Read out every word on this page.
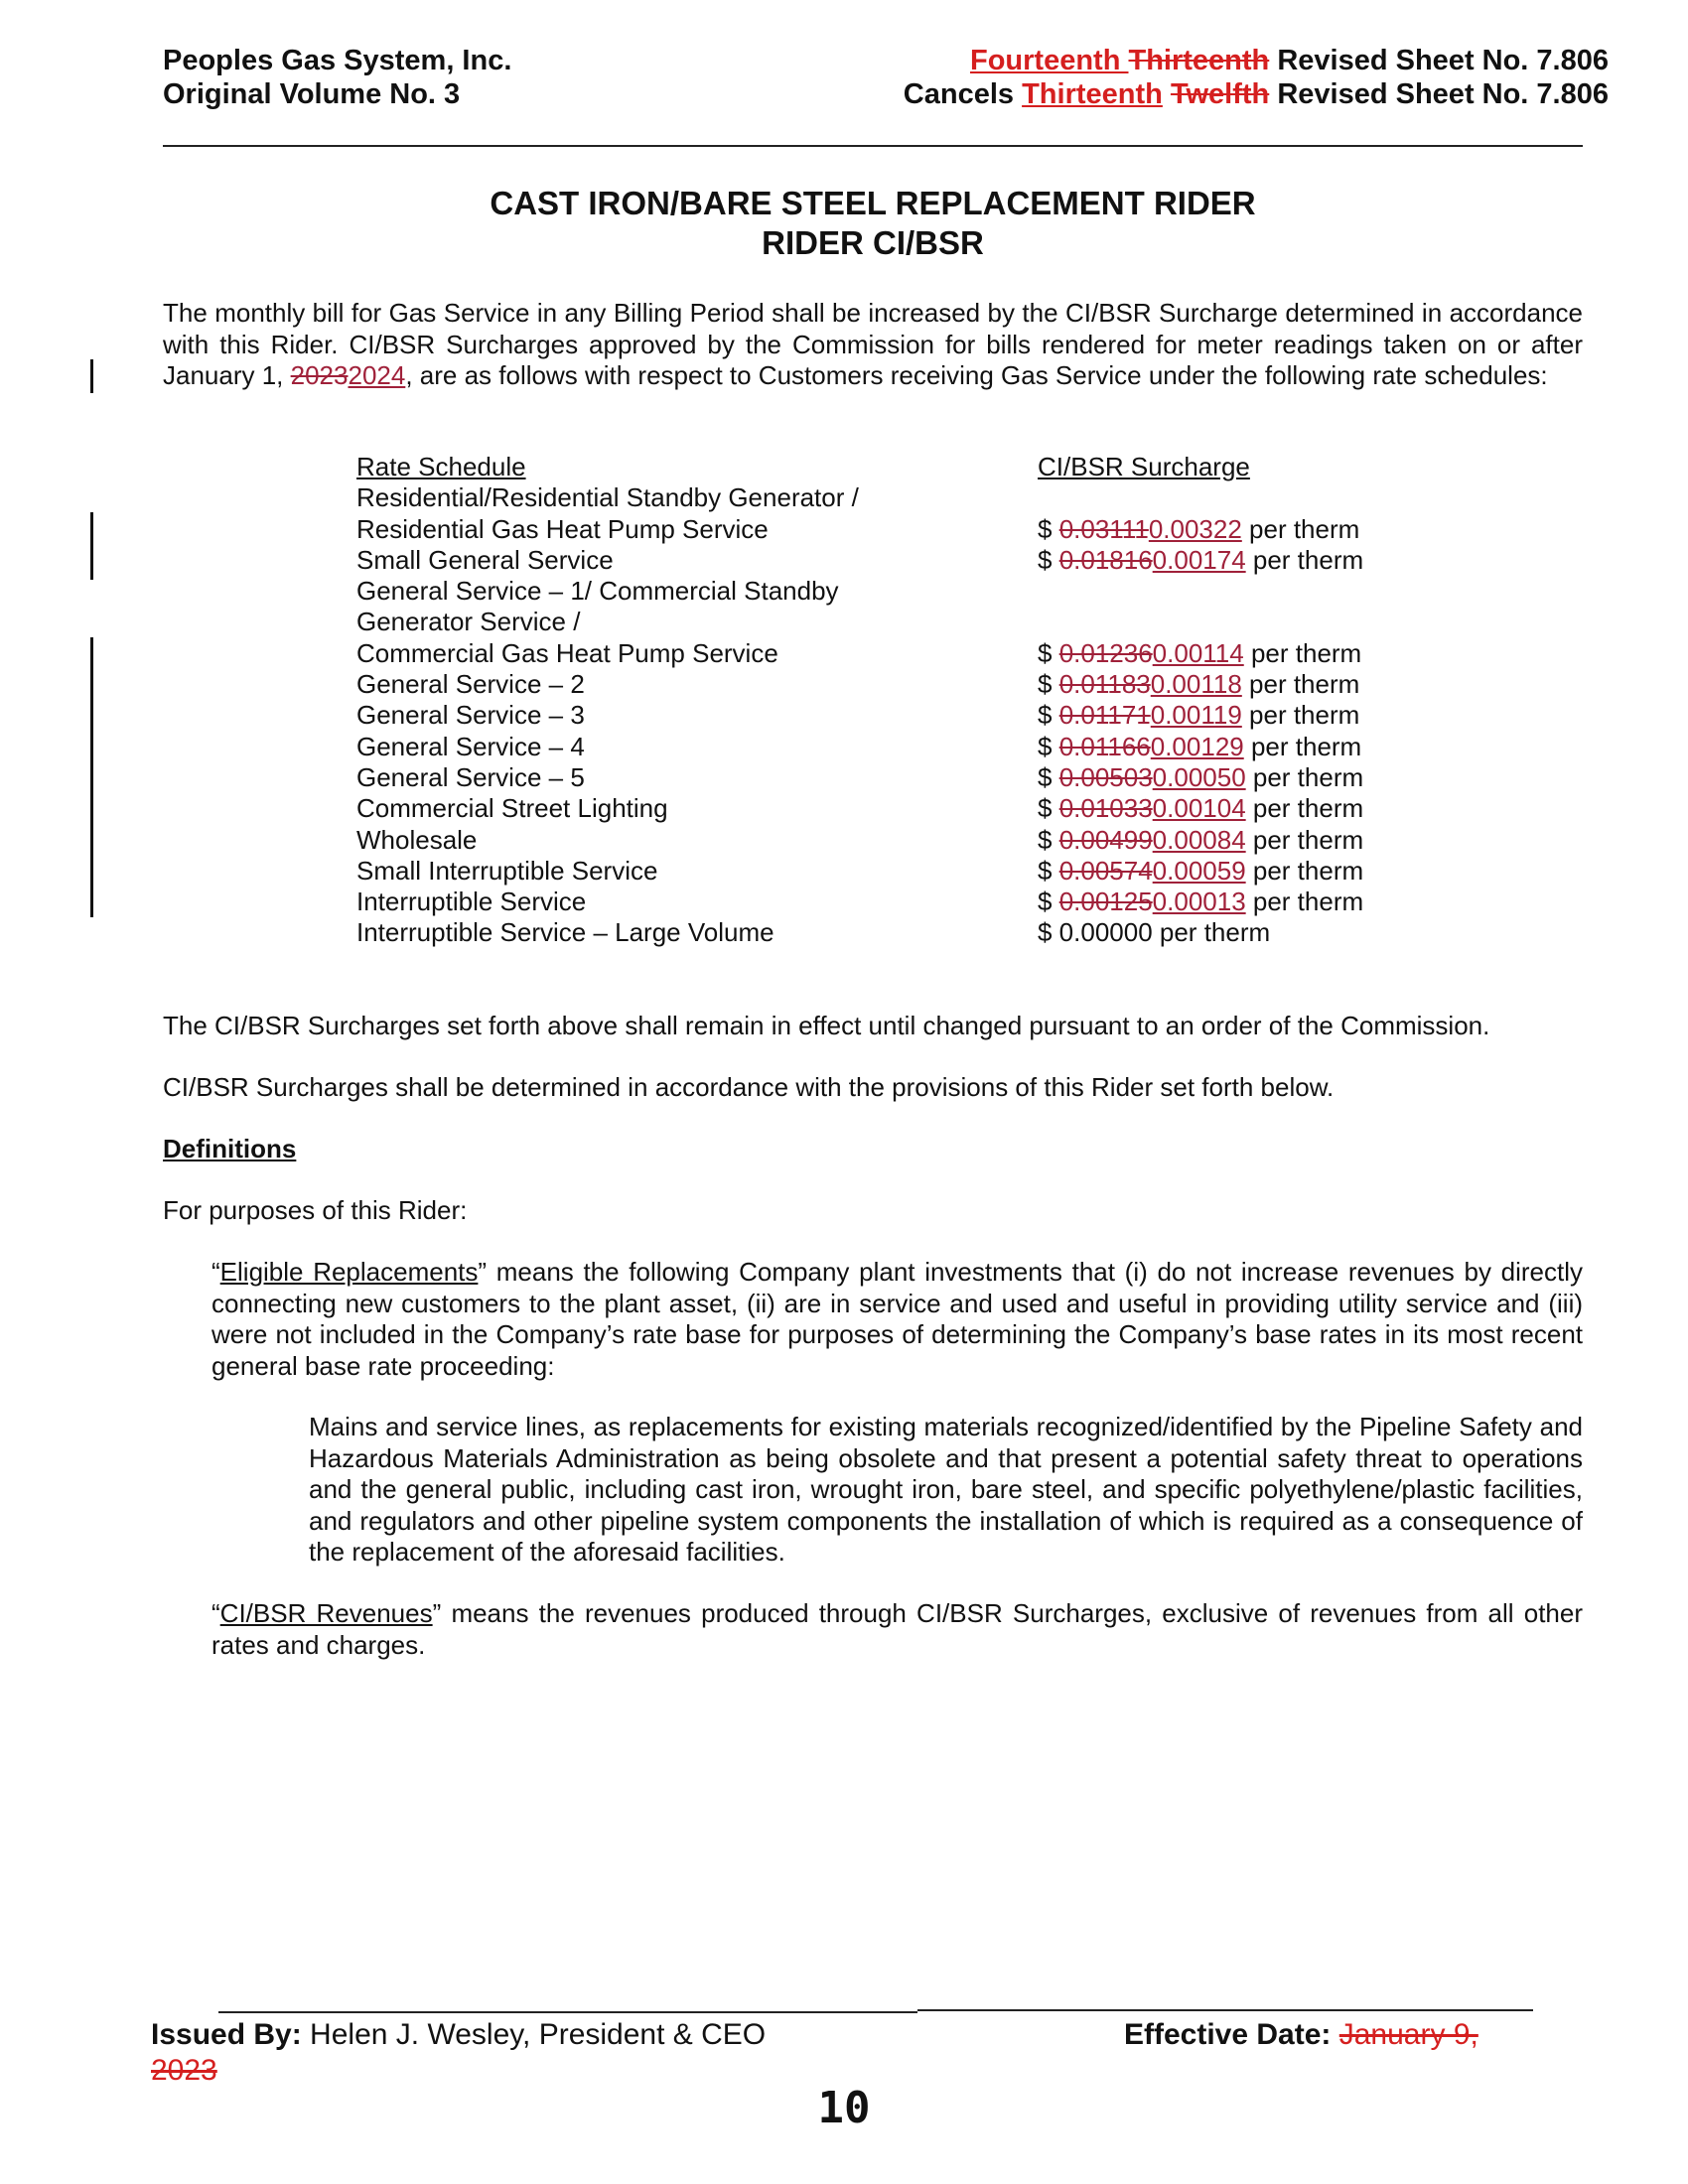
Peoples Gas System, Inc.
Original Volume No. 3
Fourteenth Thirteenth Revised Sheet No. 7.806
Cancels Thirteenth Twelfth Revised Sheet No. 7.806
CAST IRON/BARE STEEL REPLACEMENT RIDER
RIDER CI/BSR
The monthly bill for Gas Service in any Billing Period shall be increased by the CI/BSR Surcharge determined in accordance with this Rider. CI/BSR Surcharges approved by the Commission for bills rendered for meter readings taken on or after January 1, 20232024, are as follows with respect to Customers receiving Gas Service under the following rate schedules:
Rate Schedule	CI/BSR Surcharge
Residential/Residential Standby Generator /
Residential Gas Heat Pump Service	$ 0.031110.00322 per therm
Small General Service	$ 0.018160.00174 per therm
General Service – 1/ Commercial Standby
Generator Service /
Commercial Gas Heat Pump Service	$ 0.012360.00114 per therm
General Service – 2	$ 0.011830.00118 per therm
General Service – 3	$ 0.011710.00119 per therm
General Service – 4	$ 0.011660.00129 per therm
General Service – 5	$ 0.005030.00050 per therm
Commercial Street Lighting	$ 0.010330.00104 per therm
Wholesale	$ 0.004990.00084 per therm
Small Interruptible Service	$ 0.005740.00059 per therm
Interruptible Service	$ 0.001250.00013 per therm
Interruptible Service – Large Volume	$ 0.00000 per therm
The CI/BSR Surcharges set forth above shall remain in effect until changed pursuant to an order of the Commission.
CI/BSR Surcharges shall be determined in accordance with the provisions of this Rider set forth below.
Definitions
For purposes of this Rider:
“Eligible Replacements” means the following Company plant investments that (i) do not increase revenues by directly connecting new customers to the plant asset, (ii) are in service and used and useful in providing utility service and (iii) were not included in the Company’s rate base for purposes of determining the Company’s base rates in its most recent general base rate proceeding:
Mains and service lines, as replacements for existing materials recognized/identified by the Pipeline Safety and Hazardous Materials Administration as being obsolete and that present a potential safety threat to operations and the general public, including cast iron, wrought iron, bare steel, and specific polyethylene/plastic facilities, and regulators and other pipeline system components the installation of which is required as a consequence of the replacement of the aforesaid facilities.
“CI/BSR Revenues” means the revenues produced through CI/BSR Surcharges, exclusive of revenues from all other rates and charges.
Issued By: Helen J. Wesley, President & CEO	Effective Date: January 9,
2023
10
